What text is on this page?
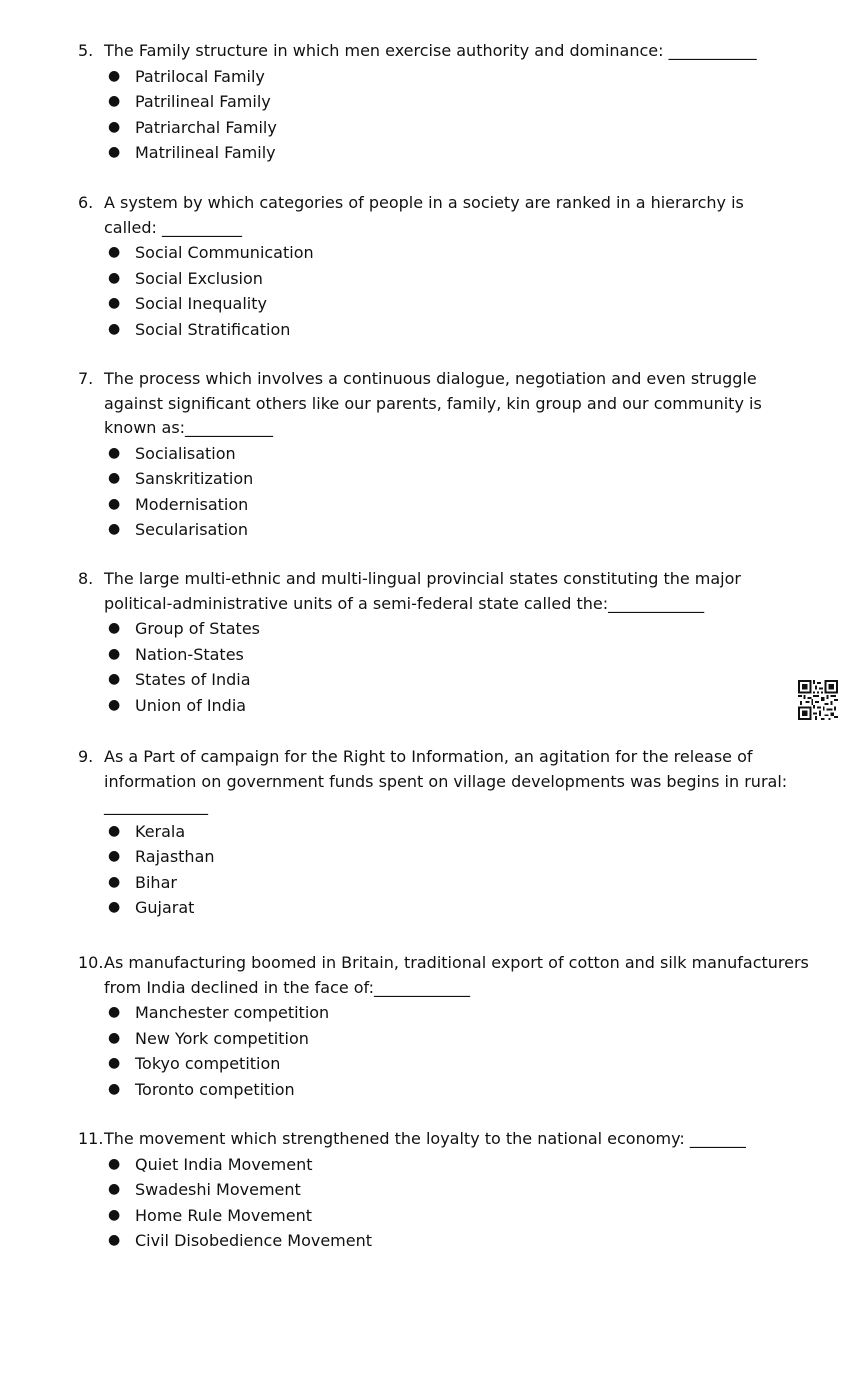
5. The Family structure in which men exercise authority and dominance: ___________
● Patrilocal Family
● Patrilineal Family
● Patriarchal Family
● Matrilineal Family
6. A system by which categories of people in a society are ranked in a hierarchy is called: __________
● Social Communication
● Social Exclusion
● Social Inequality
● Social Stratification
7. The process which involves a continuous dialogue, negotiation and even struggle against significant others like our parents, family, kin group and our community is known as:___________
● Socialisation
● Sanskritization
● Modernisation
● Secularisation
8. The large multi-ethnic and multi-lingual provincial states constituting the major political-administrative units of a semi-federal state called the:____________
● Group of States
● Nation-States
● States of India
● Union of India
9. As a Part of campaign for the Right to Information, an agitation for the release of information on government funds spent on village developments was begins in rural: _____________
● Kerala
● Rajasthan
● Bihar
● Gujarat
10. As manufacturing boomed in Britain, traditional export of cotton and silk manufacturers from India declined in the face of:____________
● Manchester competition
● New York competition
● Tokyo competition
● Toronto competition
11. The movement which strengthened the loyalty to the national economy: _______
● Quiet India Movement
● Swadeshi Movement
● Home Rule Movement
● Civil Disobedience Movement
